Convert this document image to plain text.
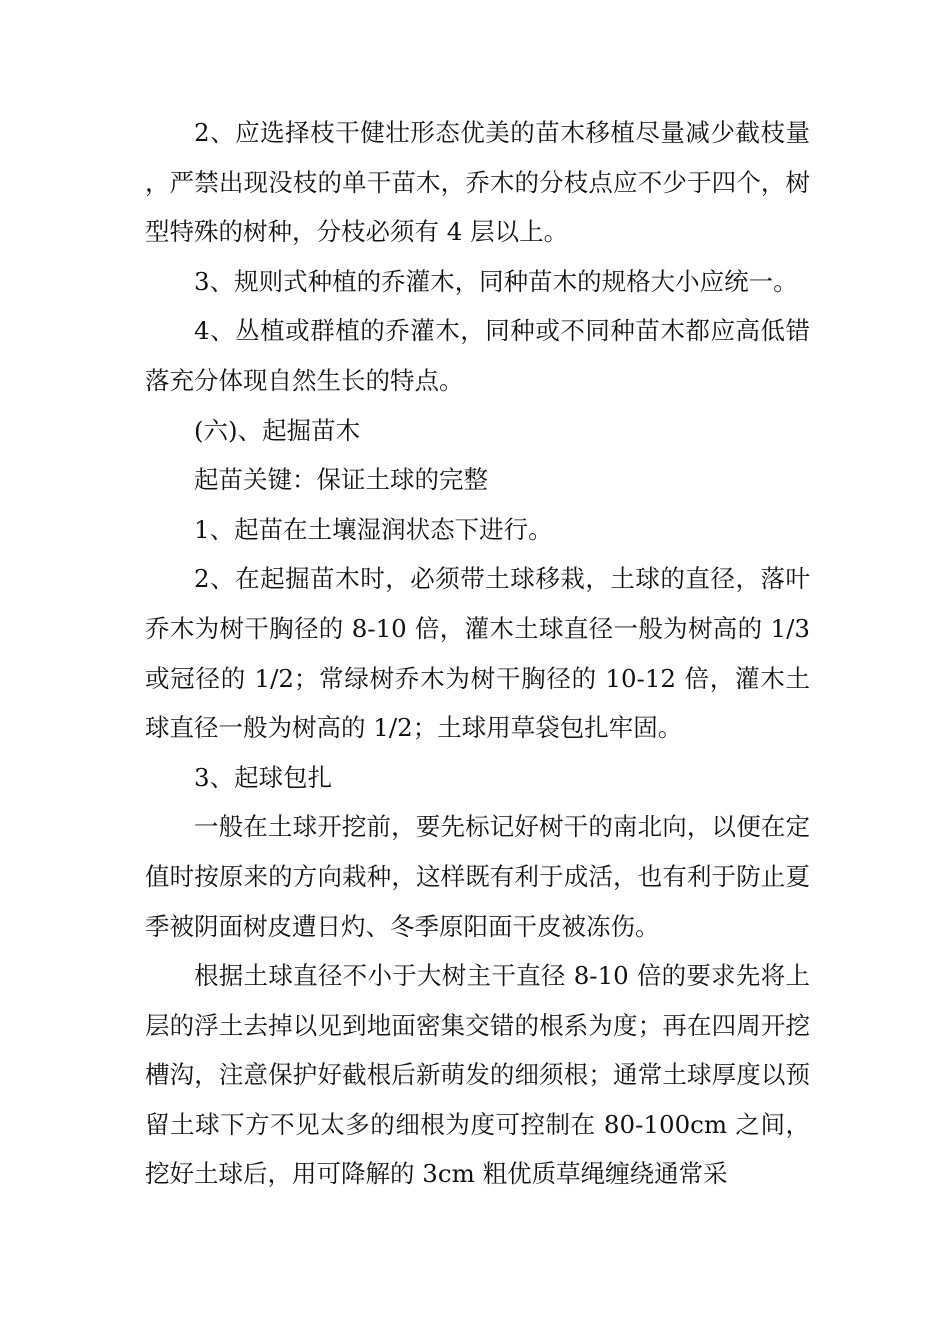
2、应选择枝干健壮形态优美的苗木移植尽量减少截枝量，严禁出现没枝的单干苗木，乔木的分枝点应不少于四个，树型特殊的树种，分枝必须有 4 层以上。

3、规则式种植的乔灌木，同种苗木的规格大小应统一。

4、丛植或群植的乔灌木，同种或不同种苗木都应高低错落充分体现自然生长的特点。

(六)、起掘苗木

起苗关键：保证土球的完整

1、起苗在土壤湿润状态下进行。

2、在起掘苗木时，必须带土球移栽，土球的直径，落叶乔木为树干胸径的 8-10 倍，灌木土球直径一般为树高的 1/3 或冠径的 1/2；常绿树乔木为树干胸径的 10-12 倍，灌木土球直径一般为树高的 1/2；土球用草袋包扎牢固。

3、起球包扎

一般在土球开挖前，要先标记好树干的南北向，以便在定值时按原来的方向栽种，这样既有利于成活，也有利于防止夏季被阴面树皮遭日灼、冬季原阳面干皮被冻伤。

根据土球直径不小于大树主干直径 8-10 倍的要求先将上层的浮土去掉以见到地面密集交错的根系为度；再在四周开挖槽沟，注意保护好截根后新萌发的细须根；通常土球厚度以预留土球下方不见太多的细根为度可控制在 80-100cm 之间，挖好土球后，用可降解的 3cm 粗优质草绳缠绕通常采
